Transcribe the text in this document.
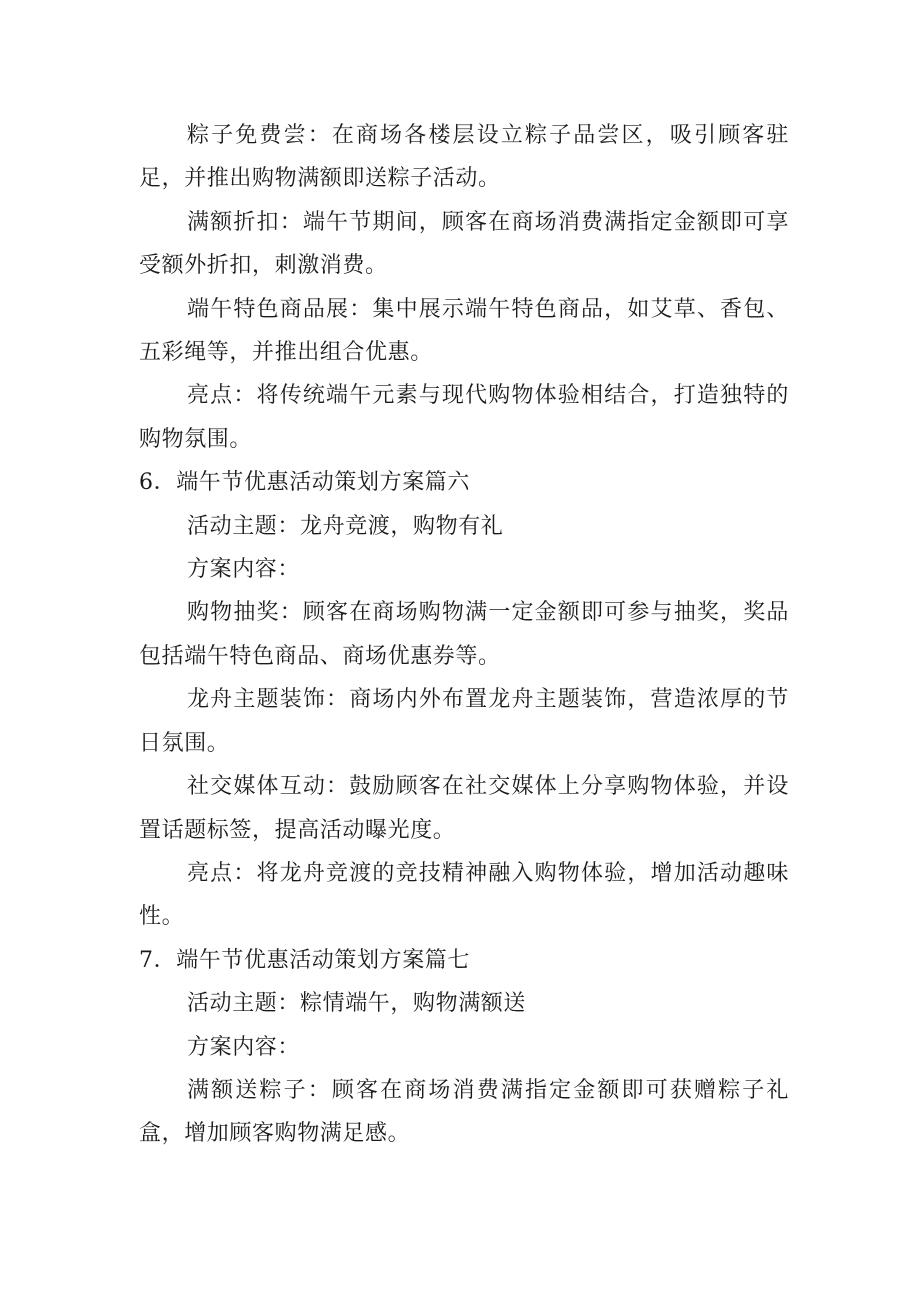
粽子免费尝：在商场各楼层设立粽子品尝区，吸引顾客驻足，并推出购物满额即送粽子活动。

满额折扣：端午节期间，顾客在商场消费满指定金额即可享受额外折扣，刺激消费。

端午特色商品展：集中展示端午特色商品，如艾草、香包、五彩绳等，并推出组合优惠。

亮点：将传统端午元素与现代购物体验相结合，打造独特的购物氛围。

6．端午节优惠活动策划方案篇六

活动主题：龙舟竞渡，购物有礼

方案内容：

购物抽奖：顾客在商场购物满一定金额即可参与抽奖，奖品包括端午特色商品、商场优惠券等。

龙舟主题装饰：商场内外布置龙舟主题装饰，营造浓厚的节日氛围。

社交媒体互动：鼓励顾客在社交媒体上分享购物体验，并设置话题标签，提高活动曝光度。

亮点：将龙舟竞渡的竞技精神融入购物体验，增加活动趣味性。

7．端午节优惠活动策划方案篇七

活动主题：粽情端午，购物满额送

方案内容：

满额送粽子：顾客在商场消费满指定金额即可获赠粽子礼盒，增加顾客购物满足感。
